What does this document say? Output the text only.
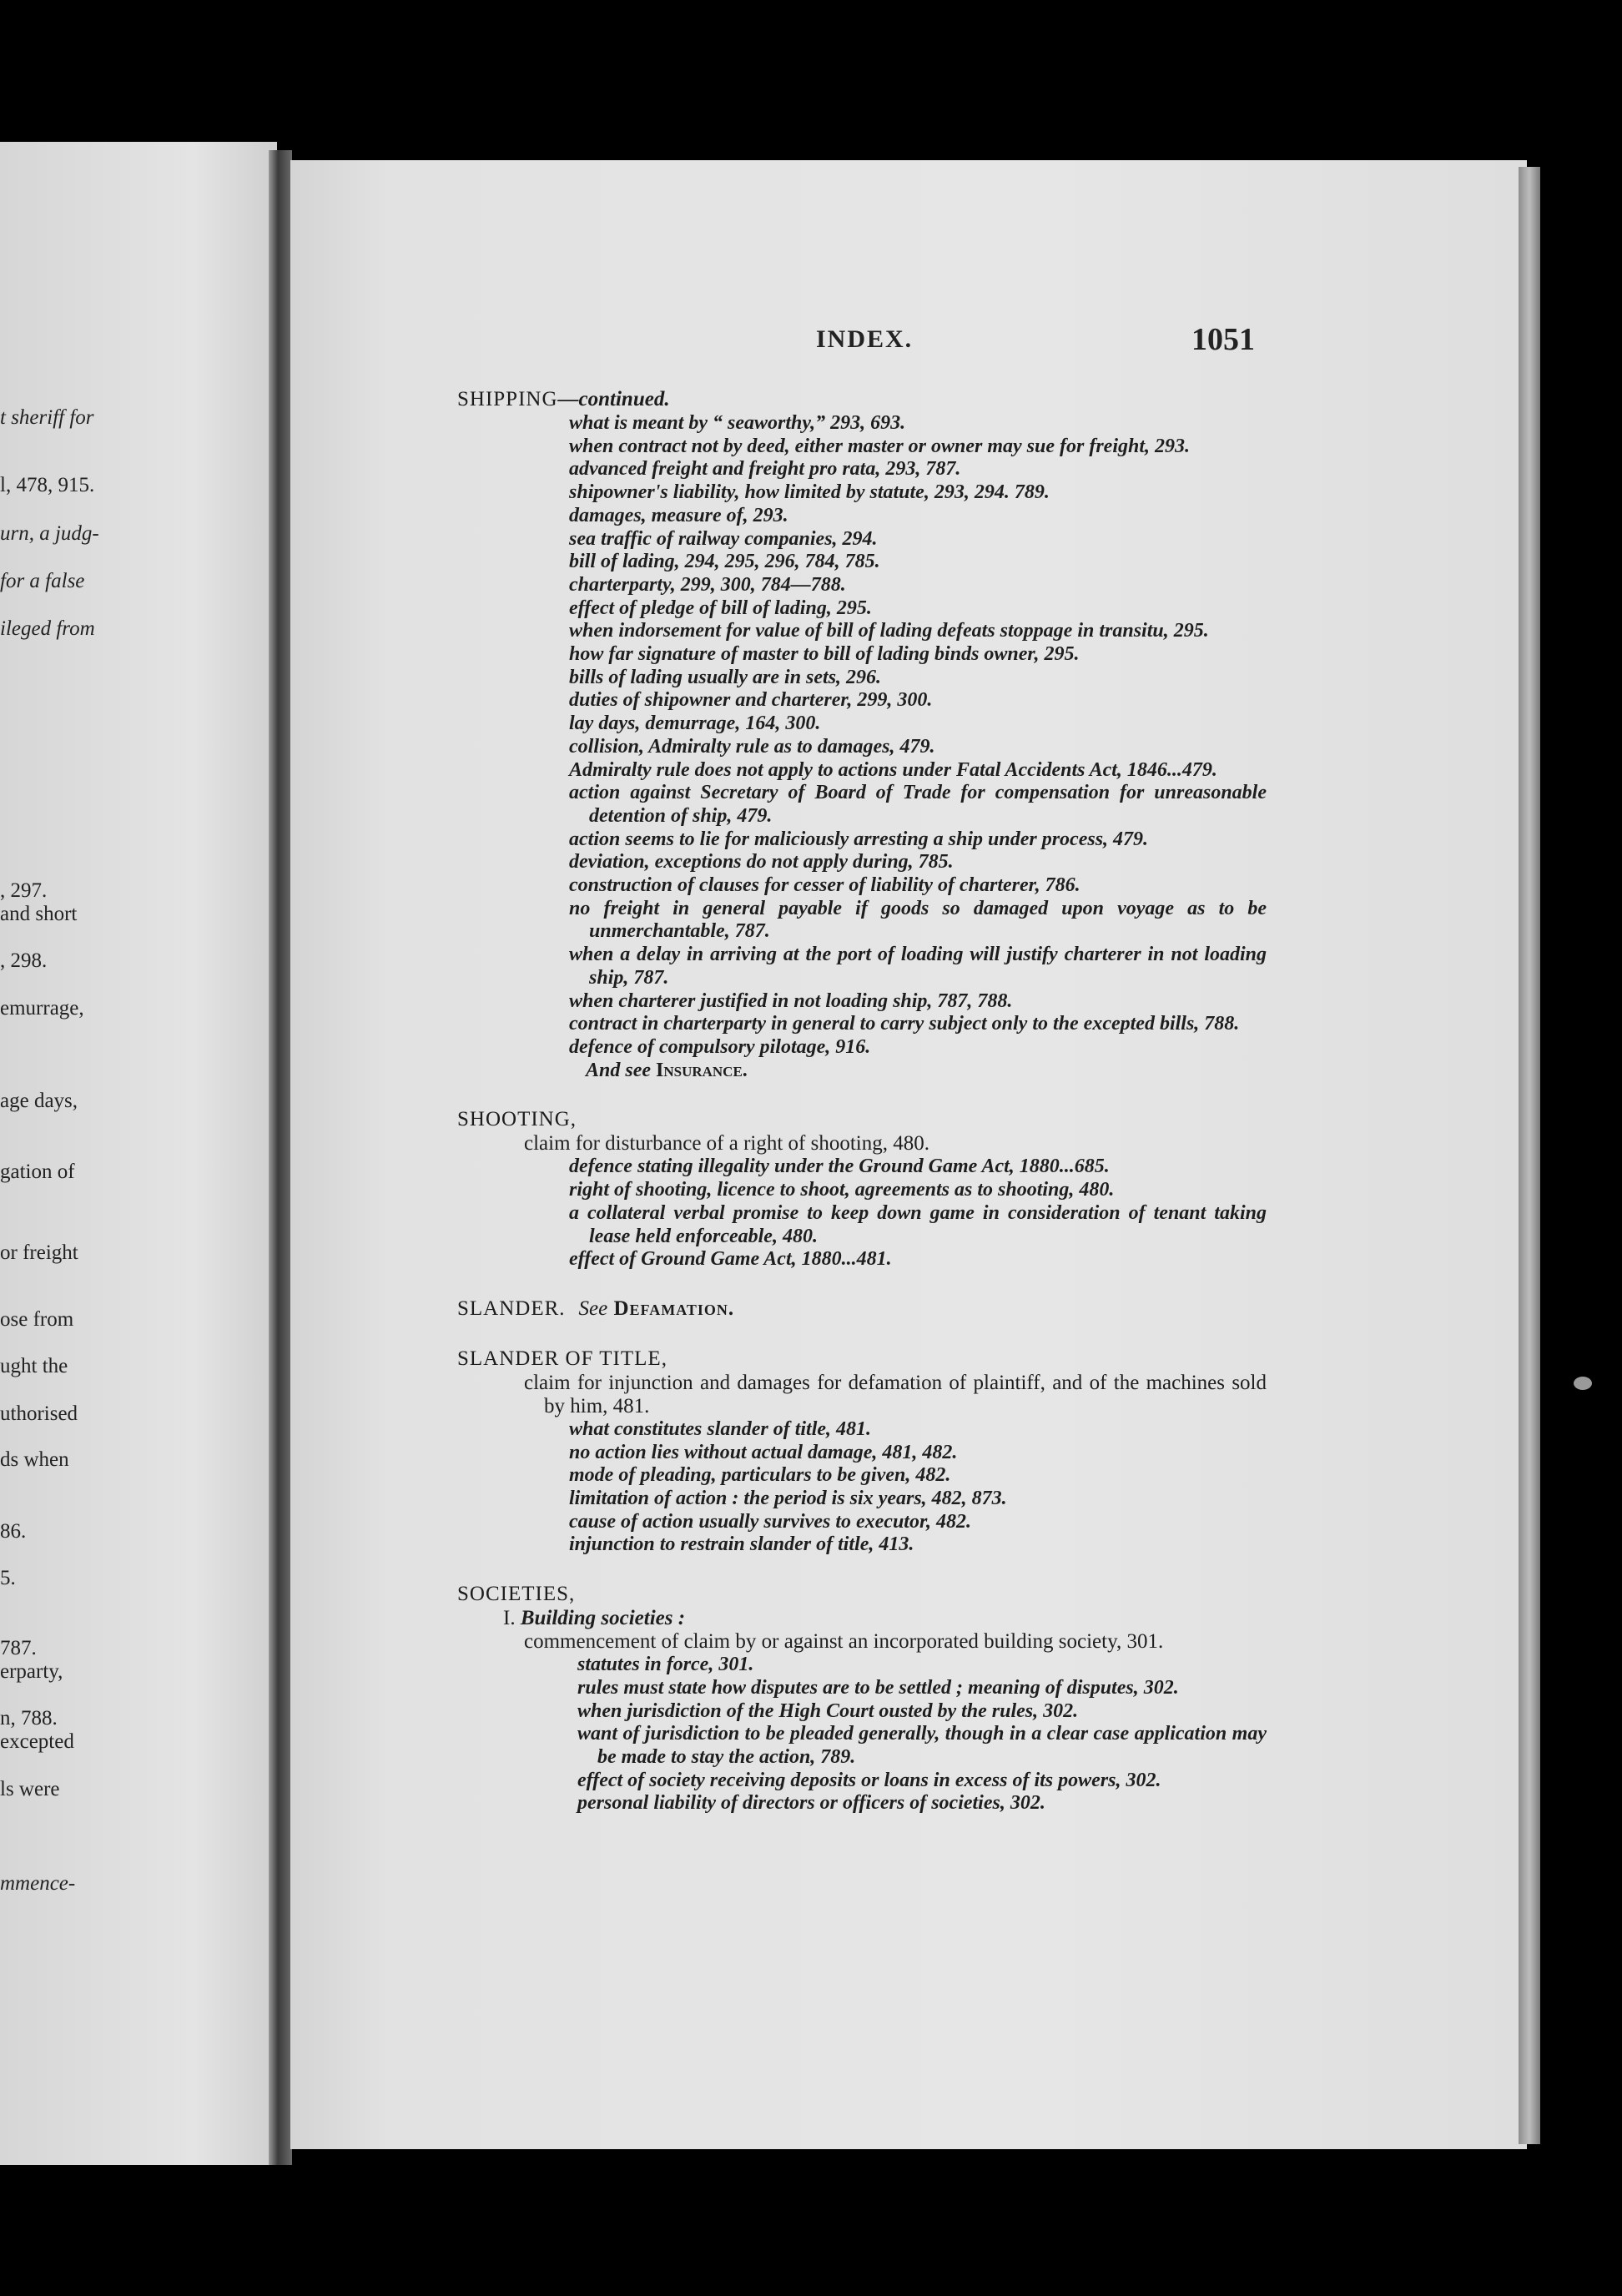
t sheriff for
l, 478, 915.
urn, a judg-
for a false
ileged from
, 297.
and short
, 298.
emurrage,
age days,
gation of
or freight
ose from
ught the
uthorised
ds when
86.
5.
787.
erparty,
n, 788.
excepted
ls were
mmence-
INDEX.	1051
SHIPPING—continued.
what is meant by “ seaworthy,” 293, 693.
when contract not by deed, either master or owner may sue for freight, 293.
advanced freight and freight pro rata, 293, 787.
shipowner's liability, how limited by statute, 293, 294. 789.
damages, measure of, 293.
sea traffic of railway companies, 294.
bill of lading, 294, 295, 296, 784, 785.
charterparty, 299, 300, 784—788.
effect of pledge of bill of lading, 295.
when indorsement for value of bill of lading defeats stoppage in transitu, 295.
how far signature of master to bill of lading binds owner, 295.
bills of lading usually are in sets, 296.
duties of shipowner and charterer, 299, 300.
lay days, demurrage, 164, 300.
collision, Admiralty rule as to damages, 479.
Admiralty rule does not apply to actions under Fatal Accidents Act, 1846...479.
action against Secretary of Board of Trade for compensation for unreasonable detention of ship, 479.
action seems to lie for maliciously arresting a ship under process, 479.
deviation, exceptions do not apply during, 785.
construction of clauses for cesser of liability of charterer, 786.
no freight in general payable if goods so damaged upon voyage as to be unmerchantable, 787.
when a delay in arriving at the port of loading will justify charterer in not loading ship, 787.
when charterer justified in not loading ship, 787, 788.
contract in charterparty in general to carry subject only to the excepted bills, 788.
defence of compulsory pilotage, 916.
And see Insurance.
SHOOTING,
claim for disturbance of a right of shooting, 480.
defence stating illegality under the Ground Game Act, 1880...685.
right of shooting, licence to shoot, agreements as to shooting, 480.
a collateral verbal promise to keep down game in consideration of tenant taking lease held enforceable, 480.
effect of Ground Game Act, 1880...481.
SLANDER. See Defamation.
SLANDER OF TITLE,
claim for injunction and damages for defamation of plaintiff, and of the machines sold by him, 481.
what constitutes slander of title, 481.
no action lies without actual damage, 481, 482.
mode of pleading, particulars to be given, 482.
limitation of action : the period is six years, 482, 873.
cause of action usually survives to executor, 482.
injunction to restrain slander of title, 413.
SOCIETIES,
I. Building societies :
commencement of claim by or against an incorporated building society, 301.
statutes in force, 301.
rules must state how disputes are to be settled ; meaning of disputes, 302.
when jurisdiction of the High Court ousted by the rules, 302.
want of jurisdiction to be pleaded generally, though in a clear case application may be made to stay the action, 789.
effect of society receiving deposits or loans in excess of its powers, 302.
personal liability of directors or officers of societies, 302.
